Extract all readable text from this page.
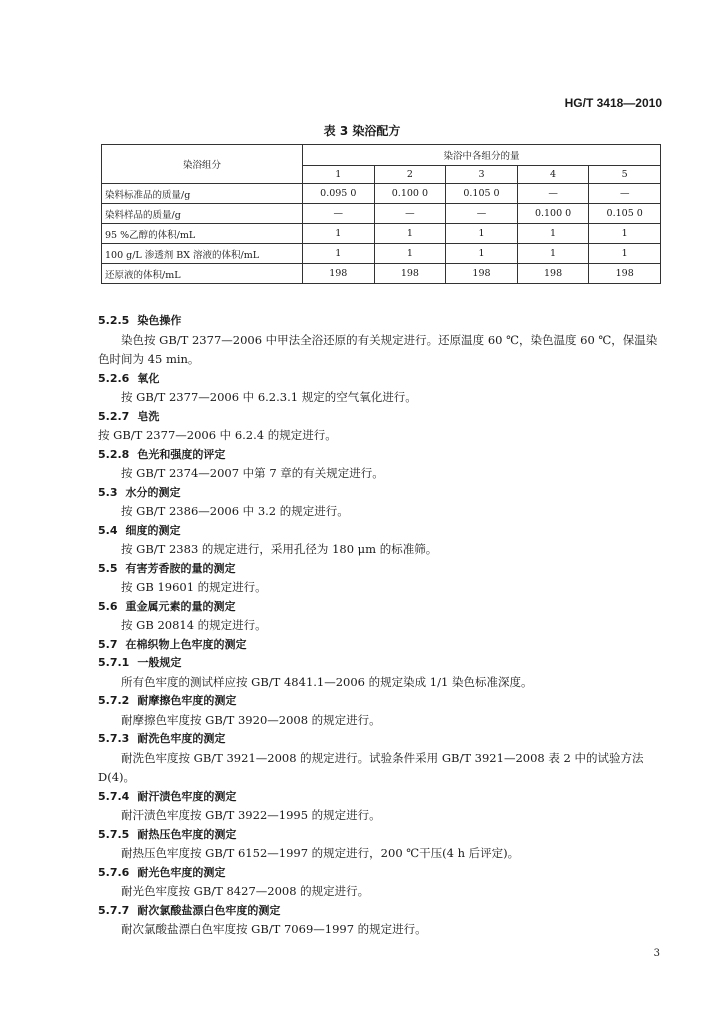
HG/T 3418—2010
表 3 染浴配方
染浴组分	染浴中各组分的量				
	1	2	3	4	5
染料标准品的质量/g	0.095 0	0.100 0	0.105 0	—	—
染料样品的质量/g	—	—	—	0.100 0	0.105 0
95 %乙醇的体积/mL	1	1	1	1	1
100 g/L 渗透剂 BX 溶液的体积/mL	1	1	1	1	1
还原液的体积/mL	198	198	198	198	198
5.2.5 染色操作
染色按 GB/T 2377—2006 中甲法全浴还原的有关规定进行。还原温度 60 ℃，染色温度 60 ℃，保温染色时间为 45 min。
5.2.6 氧化
按 GB/T 2377—2006 中 6.2.3.1 规定的空气氧化进行。
5.2.7 皂洗
按 GB/T 2377—2006 中 6.2.4 的规定进行。
5.2.8 色光和强度的评定
按 GB/T 2374—2007 中第 7 章的有关规定进行。
5.3 水分的测定
按 GB/T 2386—2006 中 3.2 的规定进行。
5.4 细度的测定
按 GB/T 2383 的规定进行，采用孔径为 180 μm 的标准筛。
5.5 有害芳香胺的量的测定
按 GB 19601 的规定进行。
5.6 重金属元素的量的测定
按 GB 20814 的规定进行。
5.7 在棉织物上色牢度的测定
5.7.1 一般规定
所有色牢度的测试样应按 GB/T 4841.1—2006 的规定染成 1/1 染色标准深度。
5.7.2 耐摩擦色牢度的测定
耐摩擦色牢度按 GB/T 3920—2008 的规定进行。
5.7.3 耐洗色牢度的测定
耐洗色牢度按 GB/T 3921—2008 的规定进行。试验条件采用 GB/T 3921—2008 表 2 中的试验方法 D(4)。
5.7.4 耐汗渍色牢度的测定
耐汗渍色牢度按 GB/T 3922—1995 的规定进行。
5.7.5 耐热压色牢度的测定
耐热压色牢度按 GB/T 6152—1997 的规定进行，200 ℃干压(4 h 后评定)。
5.7.6 耐光色牢度的测定
耐光色牢度按 GB/T 8427—2008 的规定进行。
5.7.7 耐次氯酸盐漂白色牢度的测定
耐次氯酸盐漂白色牢度按 GB/T 7069—1997 的规定进行。
3
